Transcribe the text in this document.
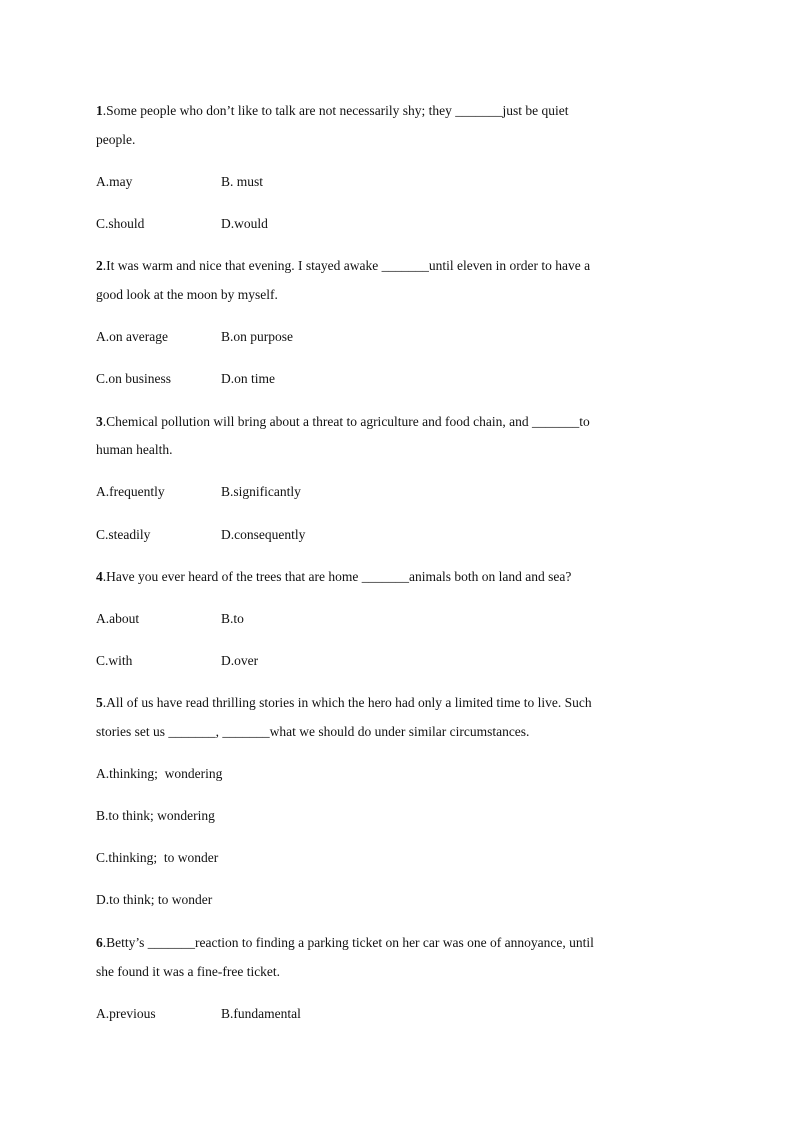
1.Some people who don’t like to talk are not necessarily shy; they _______just be quiet
people.
A.may	B. must
C.should	D.would
2.It was warm and nice that evening. I stayed awake _______until eleven in order to have a
good look at the moon by myself.
A.on average	B.on purpose
C.on business	D.on time
3.Chemical pollution will bring about a threat to agriculture and food chain, and _______to
human health.
A.frequently	B.significantly
C.steadily	D.consequently
4.Have you ever heard of the trees that are home _______animals both on land and sea?
A.about	B.to
C.with	D.over
5.All of us have read thrilling stories in which the hero had only a limited time to live. Such
stories set us _______, _______what we should do under similar circumstances.
A.thinking;  wondering
B.to think; wondering
C.thinking;  to wonder
D.to think; to wonder
6.Betty’s _______reaction to finding a parking ticket on her car was one of annoyance, until
she found it was a fine-free ticket.
A.previous	B.fundamental
